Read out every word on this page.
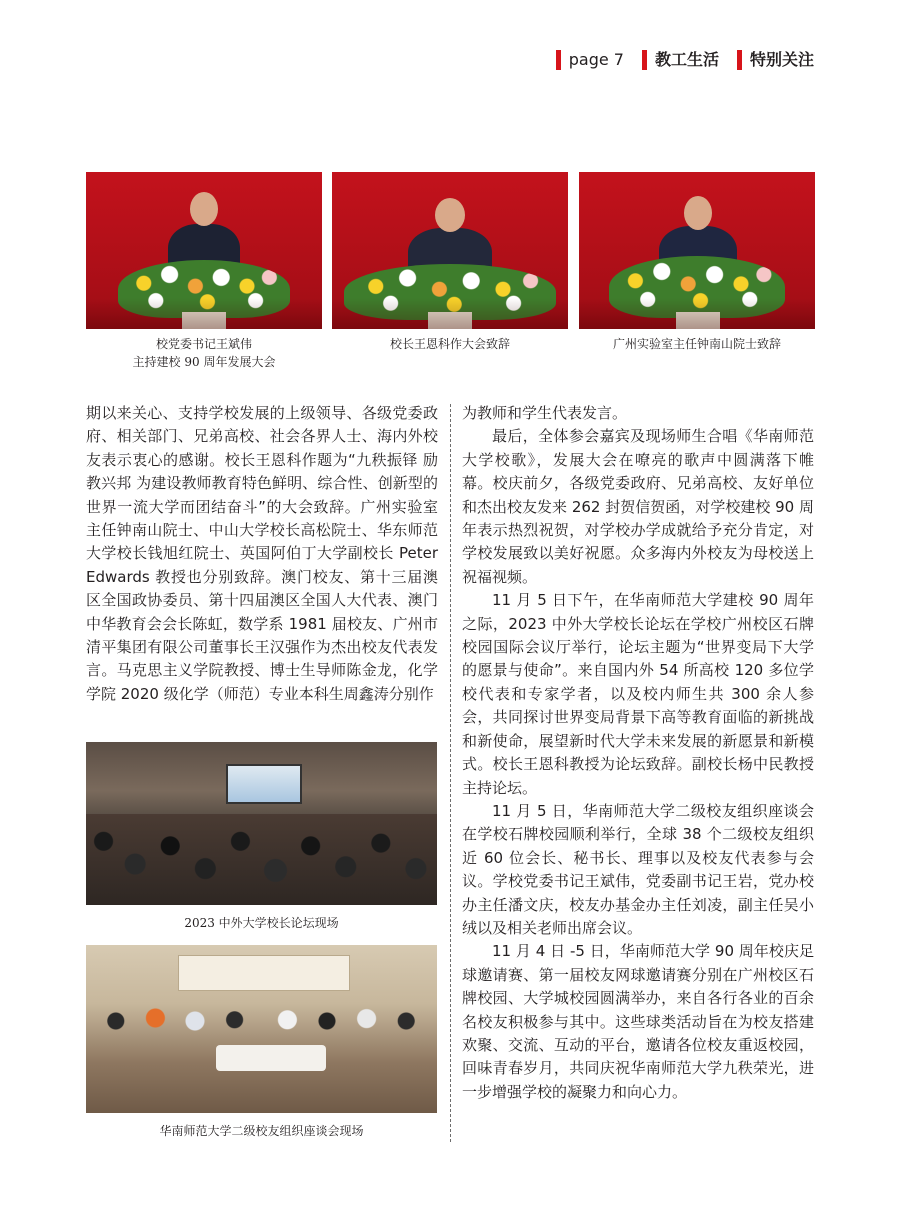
page 7 教工生活 特别关注
校党委书记王斌伟
主持建校 90 周年发展大会
校长王恩科作大会致辞	广州实验室主任钟南山院士致辞

期以来关心、支持学校发展的上级领导、各级党委政府、相关部门、兄弟高校、社会各界人士、海内外校友表示衷心的感谢。校长王恩科作题为“九秩振铎 励教兴邦 为建设教师教育特色鲜明、综合性、创新型的世界一流大学而团结奋斗”的大会致辞。广州实验室主任钟南山院士、中山大学校长高松院士、华东师范大学校长钱旭红院士、英国阿伯丁大学副校长 Peter Edwards 教授也分别致辞。澳门校友、第十三届澳区全国政协委员、第十四届澳区全国人大代表、澳门中华教育会会长陈虹，数学系 1981 届校友、广州市清平集团有限公司董事长王汉强作为杰出校友代表发言。马克思主义学院教授、博士生导师陈金龙，化学学院 2020 级化学（师范）专业本科生周鑫涛分别作

2023 中外大学校长论坛现场
华南师范大学二级校友组织座谈会现场

为教师和学生代表发言。

最后，全体参会嘉宾及现场师生合唱《华南师范大学校歌》，发展大会在嘹亮的歌声中圆满落下帷幕。校庆前夕，各级党委政府、兄弟高校、友好单位和杰出校友发来 262 封贺信贺函，对学校建校 90 周年表示热烈祝贺，对学校办学成就给予充分肯定，对学校发展致以美好祝愿。众多海内外校友为母校送上祝福视频。

11 月 5 日下午，在华南师范大学建校 90 周年之际，2023 中外大学校长论坛在学校广州校区石牌校园国际会议厅举行，论坛主题为“世界变局下大学的愿景与使命”。来自国内外 54 所高校 120 多位学校代表和专家学者，以及校内师生共 300 余人参会，共同探讨世界变局背景下高等教育面临的新挑战和新使命，展望新时代大学未来发展的新愿景和新模式。校长王恩科教授为论坛致辞。副校长杨中民教授主持论坛。

11 月 5 日，华南师范大学二级校友组织座谈会在学校石牌校园顺利举行，全球 38 个二级校友组织近 60 位会长、秘书长、理事以及校友代表参与会议。学校党委书记王斌伟，党委副书记王岩，党办校办主任潘文庆，校友办基金办主任刘凌，副主任吴小绒以及相关老师出席会议。

11 月 4 日 -5 日，华南师范大学 90 周年校庆足球邀请赛、第一届校友网球邀请赛分别在广州校区石牌校园、大学城校园圆满举办，来自各行各业的百余名校友积极参与其中。这些球类活动旨在为校友搭建欢聚、交流、互动的平台，邀请各位校友重返校园，回味青春岁月，共同庆祝华南师范大学九秩荣光，进一步增强学校的凝聚力和向心力。
